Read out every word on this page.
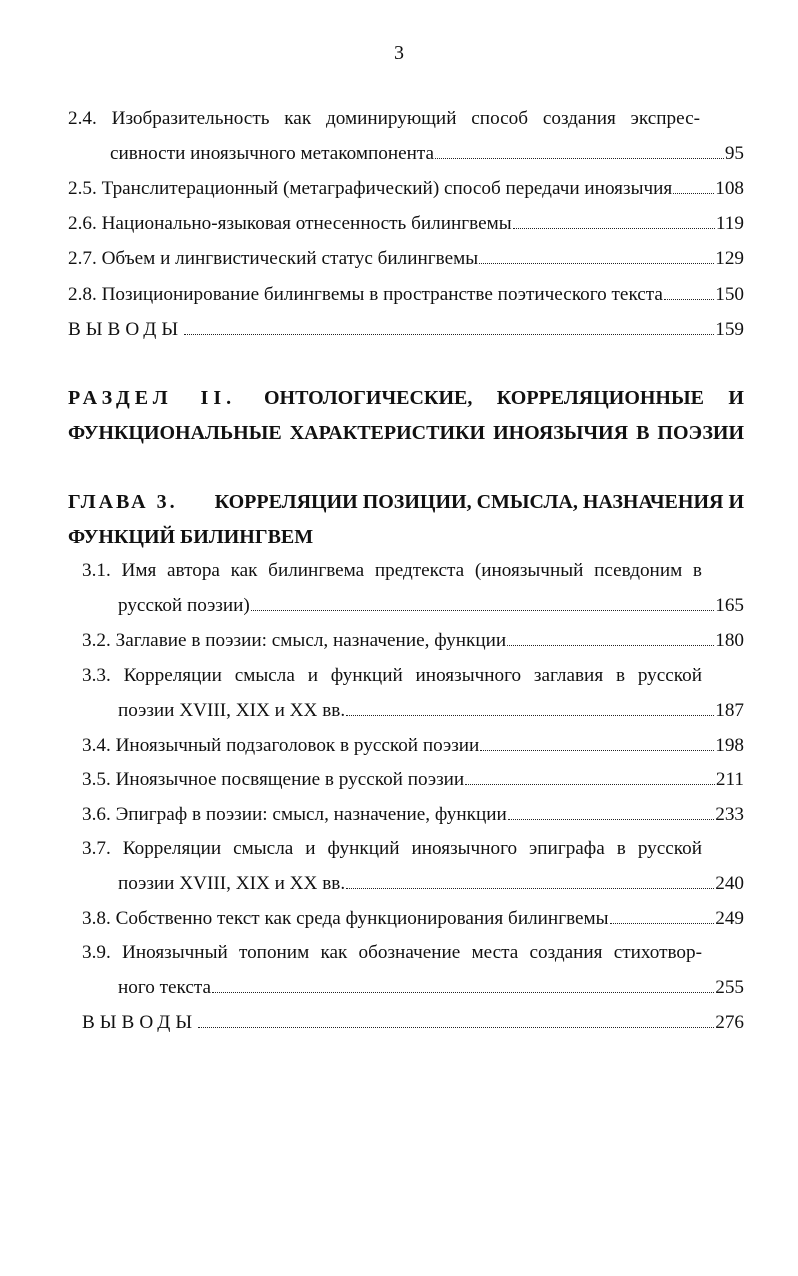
3
2.4. Изобразительность как доминирующий способ создания экспрес-
сивности иноязычного метакомпонента	95
2.5. Транслитерационный (метаграфический) способ передачи иноязычия 108
2.6. Национально-языковая отнесенность билингвемы	119
2.7. Объем и лингвистический статус билингвемы	129
2.8. Позиционирование билингвемы в пространстве поэтического текста	150
ВЫВОДЫ	159
РАЗДЕЛ II. ОНТОЛОГИЧЕСКИЕ, КОРРЕЛЯЦИОННЫЕ И
ФУНКЦИОНАЛЬНЫЕ ХАРАКТЕРИСТИКИ ИНОЯЗЫЧИЯ В ПОЭЗИИ
ГЛАВА 3. КОРРЕЛЯЦИИ ПОЗИЦИИ, СМЫСЛА, НАЗНАЧЕНИЯ И
ФУНКЦИЙ БИЛИНГВЕМ
3.1. Имя автора как билингвема предтекста (иноязычный псевдоним в
русской поэзии)	165
3.2. Заглавие в поэзии: смысл, назначение, функции	180
3.3. Корреляции смысла и функций иноязычного заглавия в русской
поэзии XVIII, XIX и XX вв.	187
3.4. Иноязычный подзаголовок в русской поэзии	198
3.5. Иноязычное посвящение в русской поэзии	211
3.6. Эпиграф в поэзии: смысл, назначение, функции	233
3.7. Корреляции смысла и функций иноязычного эпиграфа в русской
поэзии XVIII, XIX и XX вв.	240
3.8. Собственно текст как среда функционирования билингвемы	249
3.9. Иноязычный топоним как обозначение места создания стихотвор-
ного текста	255
ВЫВОДЫ	276
